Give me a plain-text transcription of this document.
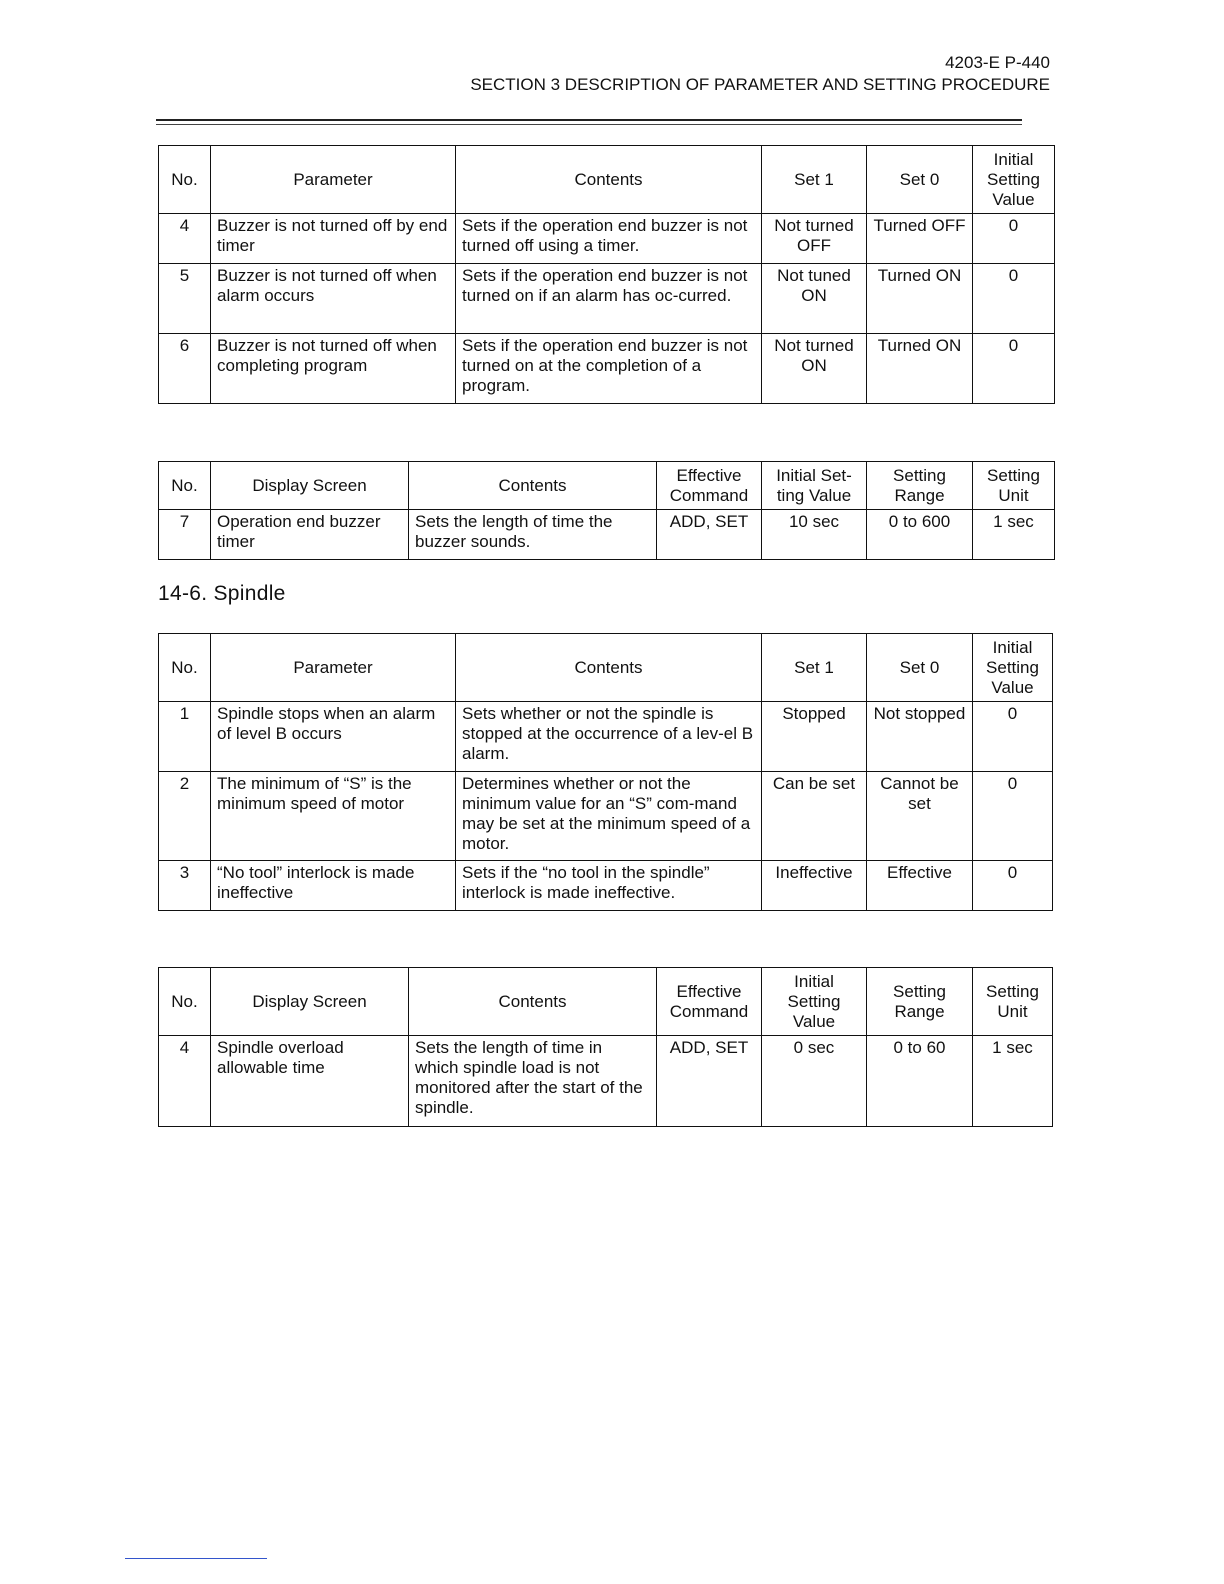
4203-E P-440
SECTION 3 DESCRIPTION OF PARAMETER AND SETTING PROCEDURE
No.	Parameter	Contents	Set 1	Set 0	Initial Setting Value
4	Buzzer is not turned off by end timer	Sets if the operation end buzzer is not turned off using a timer.	Not turned OFF	Turned OFF	0
5	Buzzer is not turned off when alarm occurs	Sets if the operation end buzzer is not turned on if an alarm has oc-curred.	Not tuned ON	Turned ON	0
6	Buzzer is not turned off when completing program	Sets if the operation end buzzer is not turned on at the completion of a program.	Not turned ON	Turned ON	0
No.	Display Screen	Contents	Effective Command	Initial Set-ting Value	Setting Range	Setting Unit
7	Operation end buzzer timer	Sets the length of time the buzzer sounds.	ADD, SET	10 sec	0 to 600	1 sec
14-6. Spindle
No.	Parameter	Contents	Set 1	Set 0	Initial Setting Value
1	Spindle stops when an alarm of level B occurs	Sets whether or not the spindle is stopped at the occurrence of a lev-el B alarm.	Stopped	Not stopped	0
2	The minimum of “S” is the minimum speed of motor	Determines whether or not the minimum value for an “S” com-mand may be set at the minimum speed of a motor.	Can be set	Cannot be set	0
3	“No tool” interlock is made ineffective	Sets if the “no tool in the spindle” interlock is made ineffective.	Ineffective	Effective	0
No.	Display Screen	Contents	Effective Command	Initial Setting Value	Setting Range	Setting Unit
4	Spindle overload allowable time	Sets the length of time in which spindle load is not monitored after the start of the spindle.	ADD, SET	0 sec	0 to 60	1 sec
